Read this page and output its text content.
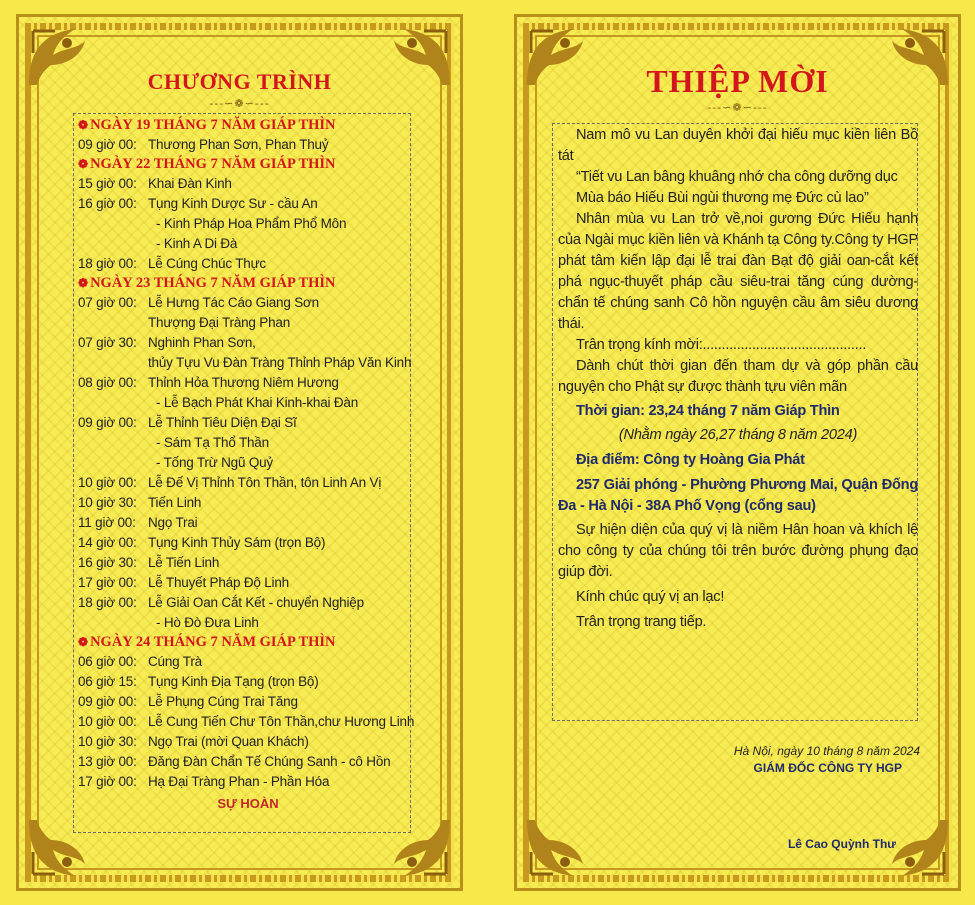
CHƯƠNG TRÌNH
---∽❁∽---
❁ NGÀY 19 THÁNG 7 NĂM GIÁP THÌN
09 giờ 00: Thương Phan Sơn, Phan Thuỷ
❁ NGÀY 22 THÁNG 7 NĂM GIÁP THÌN
15 giờ 00: Khai Đàn Kinh
16 giờ 00: Tụng Kinh Dược Sư - cầu An
- Kinh Pháp Hoa Phẩm Phổ Môn
- Kinh A Di Đà
18 giờ 00: Lễ Cúng Chúc Thực
❁ NGÀY 23 THÁNG 7 NĂM GIÁP THÌN
07 giờ 00: Lễ Hưng Tác Cáo Giang Sơn
Thượng Đại Tràng Phan
07 giờ 30: Nghinh Phan Sơn,
thủy Tựu Vu Đàn Tràng Thỉnh Pháp Văn Kinh
08 giờ 00: Thỉnh Hỏa Thương Niêm Hương
- Lễ Bạch Phát Khai Kinh-khai Đàn
09 giờ 00: Lễ Thỉnh Tiêu Diện Đại Sĩ
- Sám Tạ Thổ Thần
- Tống Trừ Ngũ Quỷ
10 giờ 00: Lễ Đế Vị Thỉnh Tôn Thần, tôn Linh An Vị
10 giờ 30: Tiến Linh
11 giờ 00: Ngọ Trai
14 giờ 00: Tụng Kinh Thủy Sám (trọn Bộ)
16 giờ 30: Lễ Tiến Linh
17 giờ 00: Lễ Thuyết Pháp Độ Linh
18 giờ 00: Lễ Giải Oan Cắt Kết - chuyển Nghiệp
- Hò Đò Đưa Linh
❁ NGÀY 24 THÁNG 7 NĂM GIÁP THÌN
06 giờ 00: Cúng Trà
06 giờ 15: Tụng Kinh Địa Tạng (trọn Bộ)
09 giờ 00: Lễ Phụng Cúng Trai Tăng
10 giờ 00: Lễ Cung Tiến Chư Tôn Thần,chư Hương Linh
10 giờ 30: Ngọ Trai (mời Quan Khách)
13 giờ 00: Đăng Đàn Chẩn Tế Chúng Sanh - cô Hồn
17 giờ 00: Hạ Đại Tràng Phan - Phần Hóa
SỰ HOÀN
THIỆP MỜI
---∽❁∽---

Nam mô vu Lan duyên khởi đại hiếu mục kiền liên Bồ tát

“Tiết vu Lan bâng khuâng nhớ cha công dưỡng dục

Mùa báo Hiếu Bùi ngùi thương mẹ Đức cù lao”

Nhân mùa vu Lan trở về,noi gương Đức Hiếu hạnh của Ngài mục kiền liên và Khánh tạ Công ty.Công ty HGP phát tâm kiến lập đại lễ trai đàn Bạt độ giải oan-cắt kết phá ngục-thuyết pháp cầu siêu-trai tăng cúng dường-chẩn tế chúng sanh Cô hồn nguyện cầu âm siêu dương thái.

Trân trọng kính mời:...........................................

Dành chút thời gian đến tham dự và góp phần cầu nguyện cho Phật sự được thành tựu viên mãn

Thời gian: 23,24 tháng 7 năm Giáp Thìn

(Nhằm ngày 26,27 tháng 8 năm 2024)

Địa điểm: Công ty Hoàng Gia Phát

257 Giải phóng - Phường Phương Mai, Quận Đống Đa - Hà Nội - 38A Phố Vọng (cổng sau)

Sự hiện diện của quý vị là niềm Hân hoan và khích lệ cho công ty của chúng tôi trên bước đường phụng đạo giúp đời.

Kính chúc quý vị an lạc!

Trân trọng trang tiếp.

Hà Nội, ngày 10 tháng 8 năm 2024
GIÁM ĐỐC CÔNG TY HGP
Lê Cao Quỳnh Thư
